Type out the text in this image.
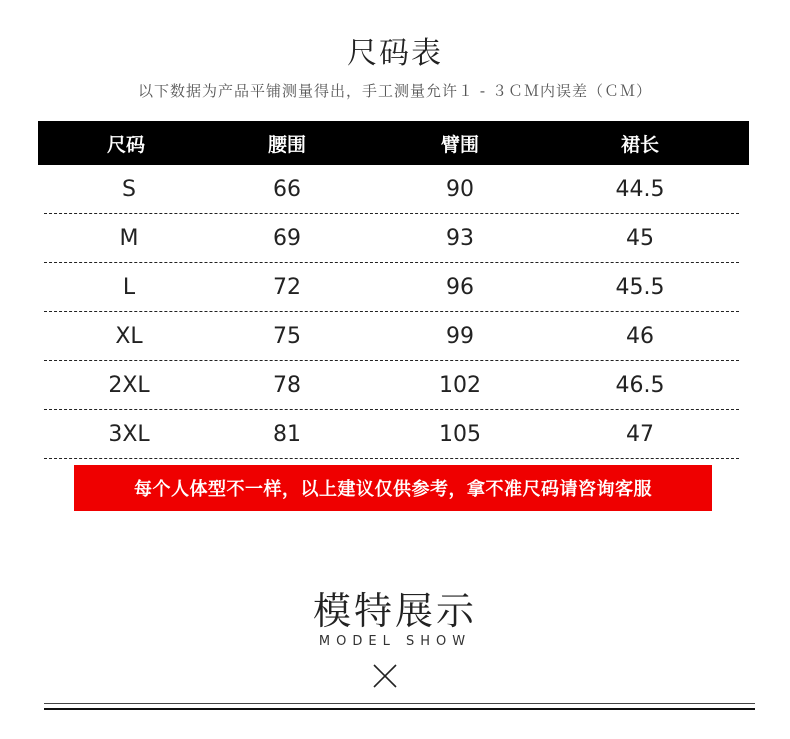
尺码表
以下数据为产品平铺测量得出，手工测量允许１ - ３ＣＭ内误差（ＣＭ）
尺码	腰围	臂围	裙长
S	66	90	44.5
M	69	93	45
L	72	96	45.5
XL	75	99	46
2XL	78	102	46.5
3XL	81	105	47
每个人体型不一样，以上建议仅供参考，拿不准尺码请咨询客服
模特展示
MODEL SHOW
